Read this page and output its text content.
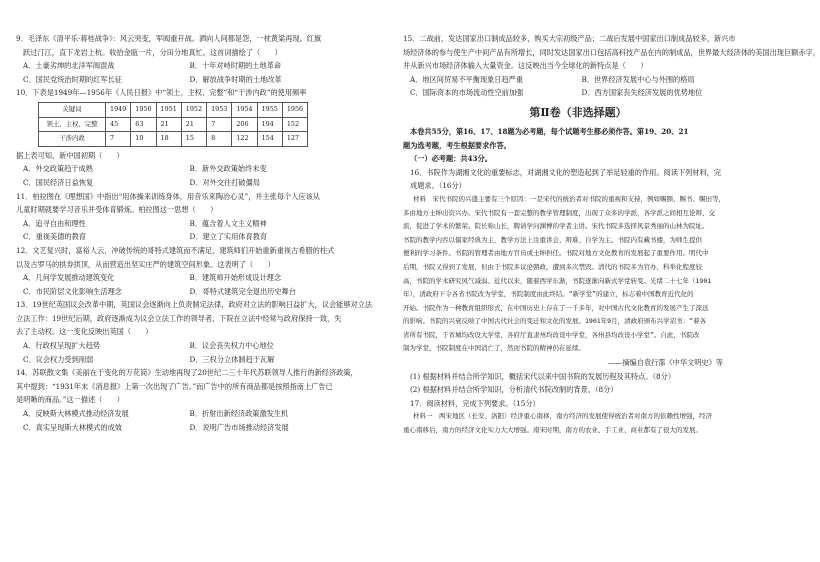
9．毛泽东《清平乐·蒋桂战争》：风云突变，军阀重开战。洒向人间都是怨，一枕黄粱再现。红旗
跃过汀江，直下龙岩上杭。收拾金瓯一片，分田分地真忙。这首词描绘了（　　）
A．土豪劣绅的北洋军阀混战	B．十年对峙时期的土地革命
C．国民党统治时期的红军长征	D．解放战争时期的土地改革
10．下表是1949年—1956年《人民日报》中“领土、主权、完整”和“干涉内政”的使用频率
关键词	1949	1950	1951	1952	1953	1954	1955	1956
领土、主权、完整	45	63	21	21	7	206	194	152
干涉内政	7	10	18	15	8	122	154	127
据上表可知，新中国初期（　　）
A．外交政策趋于成熟	B．新外交政策始终未变
C．国民经济日益恢复	D．对外交往打破僵局
11．柏拉图在《理想国》中指出“用体操来训练身体，用音乐来陶冶心灵”，并主张每个人应该从
儿童时期就要学习音乐并受体育锻炼。柏拉图这一思想（　　）
A．追寻自由和理性	B．蕴含着人文主义精神
C．重视美德的教育	D．建立了实用体育教育
12．文艺复兴时，富裕人云，冲破传统的哥特式建筑而不满足，建筑师们开始重新重视古希腊的柱式
以及古罗马的拱券拱顶，从而营造出坚实庄严的建筑空间形象。这表明了（　　）
A．几何学发展推动建筑变化	B．建筑师开始形成设计理念
C．市民阶层文化影响生活理念	D．哥特式建筑完全退出历史舞台
13．19世纪英国议会改革中期，英国议会逐渐向上负责制定法律，政府对立法的影响日益扩大，议会能够对立法
立法工作：19世纪后期，政府逐渐成为议会立法工作的领导者，下院在立法中经常与政府保持一致，失
去了主动权。这一变化反映出英国（　　）
A．行政权呈现扩大趋势	B．议会丧失权力中心地位
C．议会权力受到削弱	D．三权分立体制趋于瓦解
14．苏联散文集《美丽在于变化的万花筒》生动地再现了20世纪二三十年代苏联领导人推行的新经济政策，
其中提到：“1931年末《消息报》上第一次出现了广告。”而广告中的所有商品都是按照指南上广告已
是明晰的商品。”这一描述（　　）
A．反映斯大林模式推动经济发展	B．折射出新经济政策激发生机
C．真实呈现斯大林模式的成效	D．说明广告市场推动经济发展
15．二战前，发达国家出口制成品较多，购买大宗初级产品；二战后发展中国家出口制成品较多，新兴市
场经济体的参与使生产中间产品有所增长，同时发达国家出口包括高科技产品在内的制成品，世界最大经济体的美国出现巨额赤字，
并从新兴市场经济体输入大量资金。这反映出当今全球化的新特点是（　　）
A．地区间贸易不平衡现象日趋严重	B．世界经济发展中心与外围的格局
C．国际资本的市场流动性空前加强	D．西方国家丧失经济发展的优势地位
第Ⅱ卷（非选择题）
本卷共55分，第16、17、18题为必考题，每个试题考生都必须作答。第19、20、21
题为选考题，考生根据要求作答。
（一）必考题：共43分。
16．书院作为湖湘文化的重要标志，对湖湘文化的塑造起到了举足轻重的作用。阅读下列材料，完
成题求。（16分）
材料　宋代书院的兴盛主要有三个原因：一是宋代的统治者对书院的重视和支持，例如赐额、赐书、赐田等，
多由地方士绅出资兴办。宋代书院有一套完整的教学管理制度，出现了众多的学派，各学派之间相互论辩、交
流，促进了学术的繁荣。院长称山长，聘请学问渊博的学者主讲。宋代书院多选择风景秀丽的山林为院址。
书院的教学内容以儒家经典为主，教学方法上注重讲会、辩难、自学为主。书院内有藏书楼，为师生提供
便利的学习条件。书院的管理者由地方官员或士绅担任。书院对地方文化教育的发展起了重要作用。明代中
后期，书院又得到了发展，但由于书院多议论朝政，遭到多次禁毁。清代的书院多为官办，科举化程度较
高，书院的学术研究风气减弱。近代以来，随着西学东渐，书院逐渐向新式学堂转变。光绪二十七年（1901
年），清政府下令各省书院改为学堂，书院制度由此终结。“新学堂”的建立，标志着中国教育近代化的
开始。书院作为一种教育组织形式，在中国历史上存在了一千多年，对中国古代文化教育的发展产生了深远
的影响。书院的兴衰反映了中国古代社会的变迁和文化的发展。1901年9月，清政府颁布兴学诏书：“着各
省所有书院，于省城均改设大学堂，各府厅直隶州均改设中学堂，各州县均改设小学堂”。自此，书院改
制为学堂，书院制度在中国消亡了，然而书院的精神仍在延续。
——摘编自袁行霈《中华文明史》等
(1) 根据材料并结合所学知识，概括宋代以来中国书院的发展历程及其特点。（8分）
(2) 根据材料并结合所学知识，分析清代书院改制的背景。（8分）
17．阅读材料，完成下列要求。（15分）
材料一　两宋地区（长安、洛阳）经济重心南移，南方经济的发展使得统治者对南方的依赖性增强，经济
重心南移后，南方的经济文化实力大大增强。南宋时期，南方的农业、手工业、商业都有了很大的发展。
